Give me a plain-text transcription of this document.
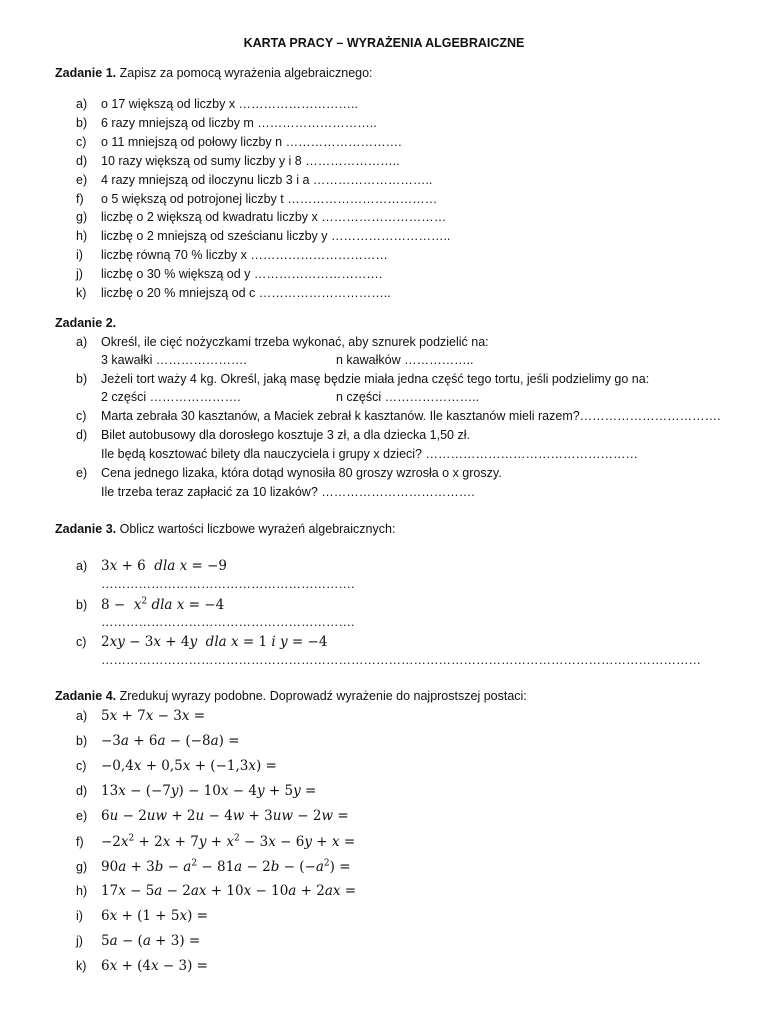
KARTA PRACY – WYRAŻENIA ALGEBRAICZNE
Zadanie 1. Zapisz za pomocą wyrażenia algebraicznego:
a) o 17 większą od liczby x ………………………..
b) 6 razy mniejszą od liczby m ………………………..
c) o 11 mniejszą od połowy liczby n ……………………….
d) 10 razy większą od sumy liczby y i 8 …………………..
e) 4 razy mniejszą od iloczynu liczb 3 i a ………………………..
f) o 5 większą od potrojonej liczby t ………………………………
g) liczbę o 2 większą od kwadratu liczby x …………………………
h) liczbę o 2 mniejszą od sześcianu liczby y ………………………..
i) liczbę równą 70 % liczby x ……………………………
j) liczbę o 30 % większą od y ………………………….
k) liczbę o 20 % mniejszą od c …………………………..
Zadanie 2.
a) Określ, ile cięć nożyczkami trzeba wykonać, aby sznurek podzielić na:
3 kawałki ………………….	n kawałków ……………..
b) Jeżeli tort waży 4 kg. Określ, jaką masę będzie miała jedna część tego tortu, jeśli podzielimy go na:
2 części ………………….	n części …………………..
c) Marta zebrała 30 kasztanów, a Maciek zebrał k kasztanów. Ile kasztanów mieli razem?…………………………….
d) Bilet autobusowy dla dorosłego kosztuje 3 zł, a dla dziecka 1,50 zł.
Ile będą kosztować bilety dla nauczyciela i grupy x dzieci? ……………………………………………
e) Cena jednego lizaka, która dotąd wynosiła 80 groszy wzrosła o x groszy.
Ile trzeba teraz zapłacić za 10 lizaków? ……………………………….
Zadanie 3. Oblicz wartości liczbowe wyrażeń algebraicznych:
a) 3x + 6  dla x = −9
…………………………………………………….
b) $8 - x^2$ dla x = −4
…………………………………………………….
c) 2xy − 3x + 4y dla x = 1 i y = −4
………………………………………………………………………………………………………………………………
Zadanie 4. Zredukuj wyrazy podobne. Doprowadź wyrażenie do najprostszej postaci:
a) 5x + 7x − 3x =
b) −3a + 6a − (−8a) =
c) −0,4x + 0,5x + (−1,3x) =
d) 13x − (−7y) − 10x − 4y + 5y =
e) 6u − 2uw + 2u − 4w + 3uw − 2w =
$f) -2x^2 + 2x + 7y + x^2 - 3x - 6y + x$ =
g) $90a + 3b - a^2 - 81a - 2b - (-a^2)$ =
h) 17x − 5a − 2ax + 10x − 10a + 2ax =
i) 6x + (1 + 5x) =
j) 5a − (a + 3) =
k) 6x + (4x − 3) =
